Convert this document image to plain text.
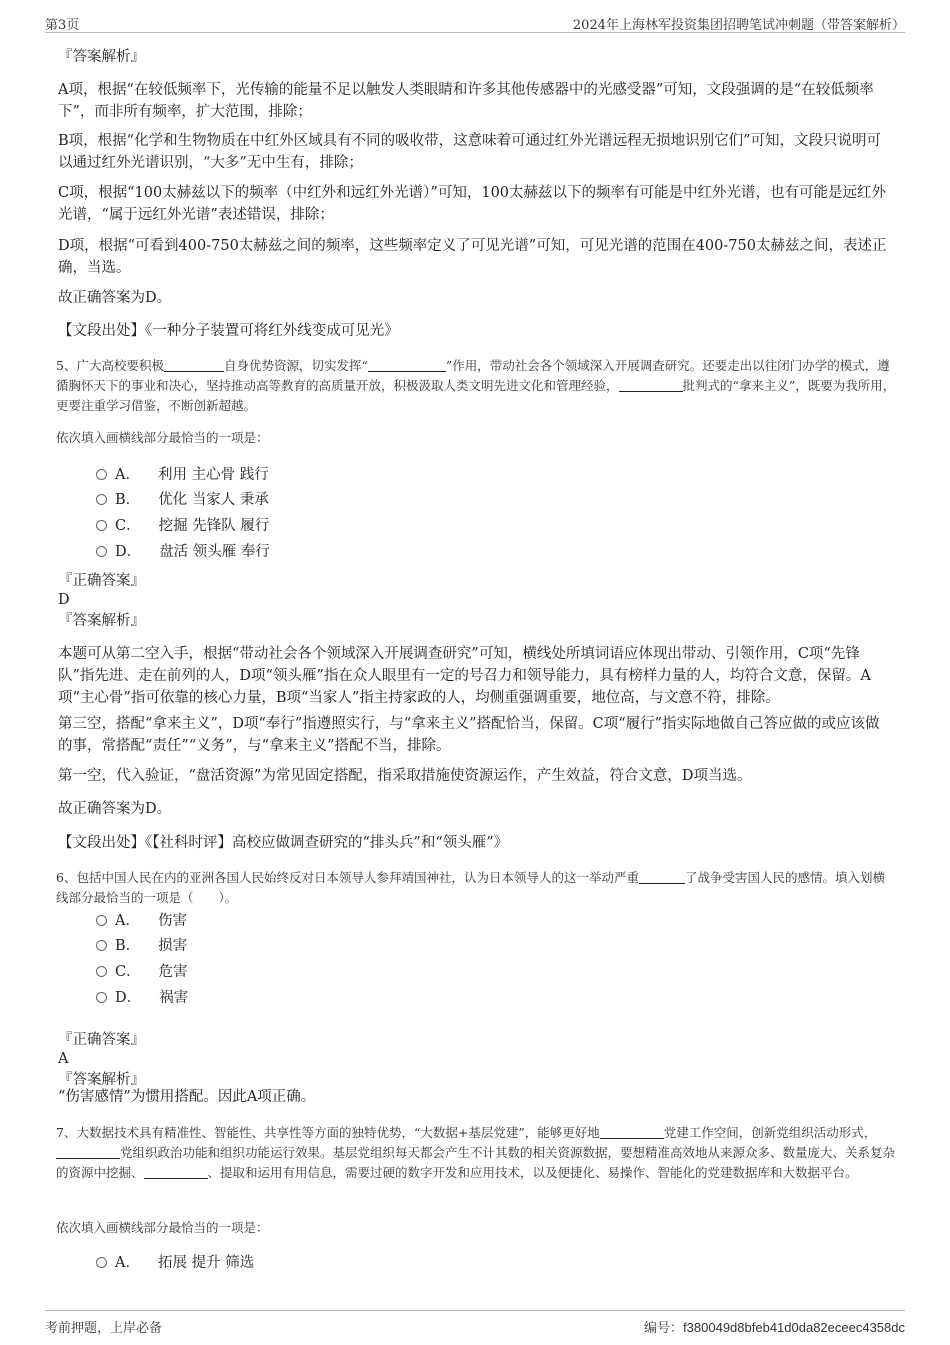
第3页	2024年上海林军投资集团招聘笔试冲刺题（带答案解析）
『答案解析』
A项，根据“在较低频率下，光传输的能量不足以触发人类眼睛和许多其他传感器中的光感受器”可知，文段强调的是“在较低频率下”，而非所有频率，扩大范围，排除；
B项，根据“化学和生物物质在中红外区域具有不同的吸收带，这意味着可通过红外光谱远程无损地识别它们”可知，文段只说明可以通过红外光谱识别，“大多”无中生有，排除；
C项，根据“100太赫兹以下的频率（中红外和远红外光谱）”可知，100太赫兹以下的频率有可能是中红外光谱，也有可能是远红外光谱，“属于远红外光谱”表述错误，排除；
D项，根据“可看到400-750太赫兹之间的频率，这些频率定义了可见光谱”可知，可见光谱的范围在400-750太赫兹之间，表述正确，当选。
故正确答案为D。
【文段出处】《一种分子装置可将红外线变成可见光》
5、广大高校要积极	自身优势资源，切实发挥“	”作用，带动社会各个领域深入开展调查研究。还要走出以往闭门办学的模式，遵循胸怀天下的事业和决心，坚持推动高等教育的高质量开放，积极汲取人类文明先进文化和管理经验，	批判式的“拿来主义”，既要为我所用，更要注重学习借鉴，不断创新超越。
依次填入画横线部分最恰当的一项是：
A． 利用 主心骨 践行
B． 优化 当家人 秉承
C． 挖掘 先锋队 履行
D． 盘活 领头雁 奉行
『正确答案』
D
『答案解析』
本题可从第二空入手，根据“带动社会各个领域深入开展调查研究”可知，横线处所填词语应体现出带动、引领作用，C项“先锋队”指先进、走在前列的人，D项“领头雁”指在众人眼里有一定的号召力和领导能力，具有榜样力量的人，均符合文意，保留。A项“主心骨”指可依靠的核心力量，B项“当家人”指主持家政的人，均侧重强调重要，地位高，与文意不符，排除。
第三空，搭配“拿来主义”，D项“奉行”指遵照实行，与“拿来主义”搭配恰当，保留。C项“履行”指实际地做自己答应做的或应该做的事，常搭配“责任”“义务”，与“拿来主义”搭配不当，排除。
第一空，代入验证，“盘活资源”为常见固定搭配，指采取措施使资源运作，产生效益，符合文意，D项当选。
故正确答案为D。
【文段出处】《【社科时评】高校应做调查研究的“排头兵”和“领头雁”》
6、包括中国人民在内的亚洲各国人民始终反对日本领导人参拜靖国神社，认为日本领导人的这一举动严重	了战争受害国人民的感情。填入划横线部分最恰当的一项是（　　）。
A． 伤害
B． 损害
C． 危害
D． 祸害
『正确答案』
A
『答案解析』
“伤害感情”为惯用搭配。因此A项正确。
7、大数据技术具有精准性、智能性、共享性等方面的独特优势，“大数据+基层党建”，能够更好地	党建工作空间，创新党组织活动形式，党组织政治功能和组织功能运行效果。基层党组织每天都会产生不计其数的相关资源数据，要想精准高效地从来源众多、数量庞大、关系复杂的资源中挖掘、	、提取和运用有用信息，需要过硬的数字开发和应用技术，以及便捷化、易操作、智能化的党建数据库和大数据平台。
依次填入画横线部分最恰当的一项是：
A． 拓展 提升 筛选
考前押题，上岸必备	编号：f380049d8bfeb41d0da82eceec4358dc
